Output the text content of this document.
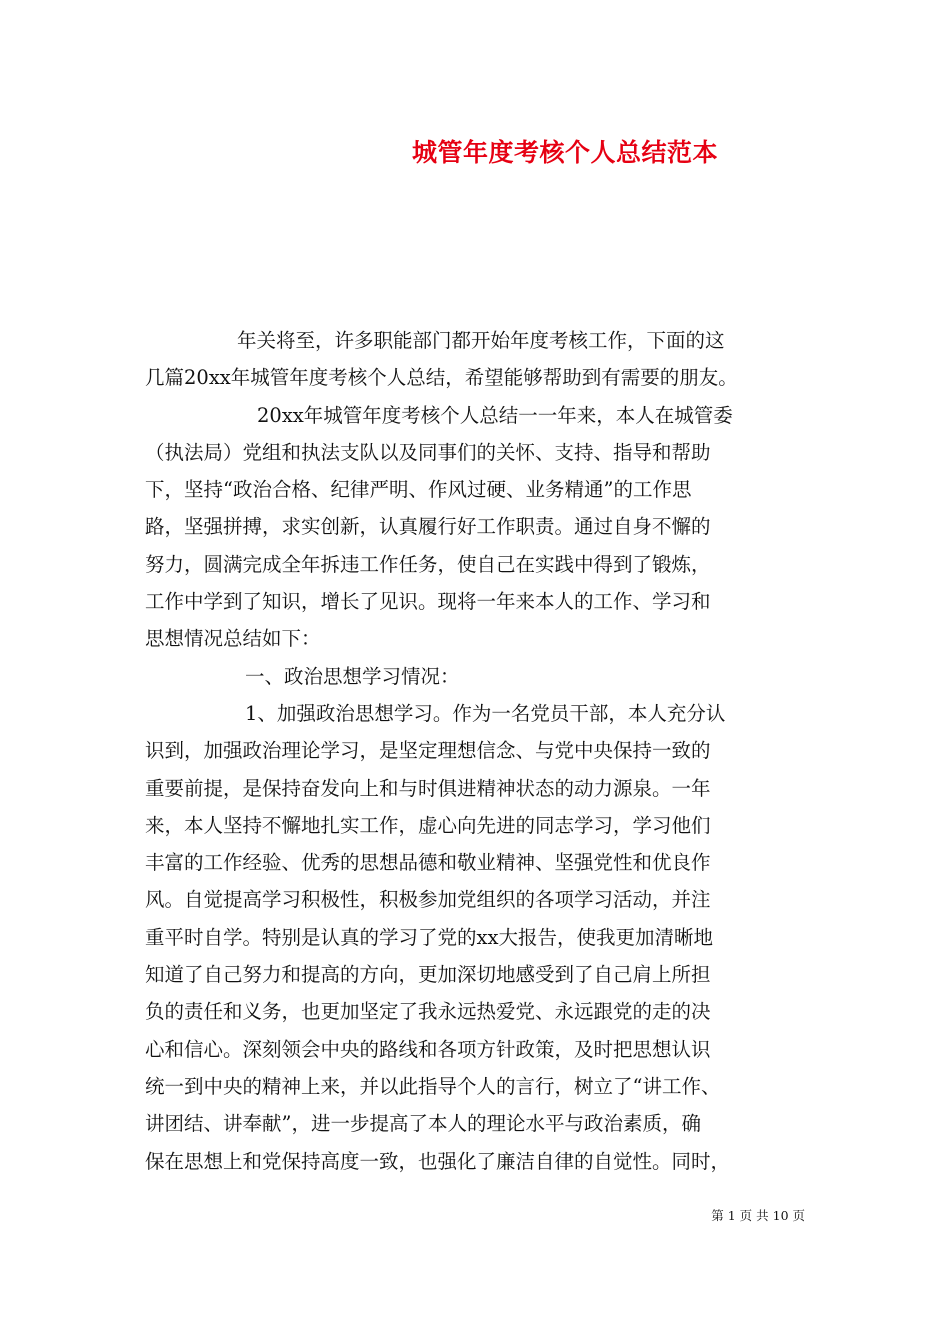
城管年度考核个人总结范本
年关将至，许多职能部门都开始年度考核工作，下面的这
几篇20xx年城管年度考核个人总结，希望能够帮助到有需要的朋友。
20xx年城管年度考核个人总结一一年来，本人在城管委
（执法局）党组和执法支队以及同事们的关怀、支持、指导和帮助
下，坚持“政治合格、纪律严明、作风过硬、业务精通”的工作思
路，坚强拼搏，求实创新，认真履行好工作职责。通过自身不懈的
努力，圆满完成全年拆违工作任务，使自己在实践中得到了锻炼，
工作中学到了知识，增长了见识。现将一年来本人的工作、学习和
思想情况总结如下：
一、政治思想学习情况：
1、加强政治思想学习。作为一名党员干部，本人充分认
识到，加强政治理论学习，是坚定理想信念、与党中央保持一致的
重要前提，是保持奋发向上和与时俱进精神状态的动力源泉。一年
来，本人坚持不懈地扎实工作，虚心向先进的同志学习，学习他们
丰富的工作经验、优秀的思想品德和敬业精神、坚强党性和优良作
风。自觉提高学习积极性，积极参加党组织的各项学习活动，并注
重平时自学。特别是认真的学习了党的xx大报告，使我更加清晰地
知道了自己努力和提高的方向，更加深切地感受到了自己肩上所担
负的责任和义务，也更加坚定了我永远热爱党、永远跟党的走的决
心和信心。深刻领会中央的路线和各项方针政策，及时把思想认识
统一到中央的精神上来，并以此指导个人的言行，树立了“讲工作、
讲团结、讲奉献”，进一步提高了本人的理论水平与政治素质，确
保在思想上和党保持高度一致，也强化了廉洁自律的自觉性。同时，
第 1 页 共 10 页
